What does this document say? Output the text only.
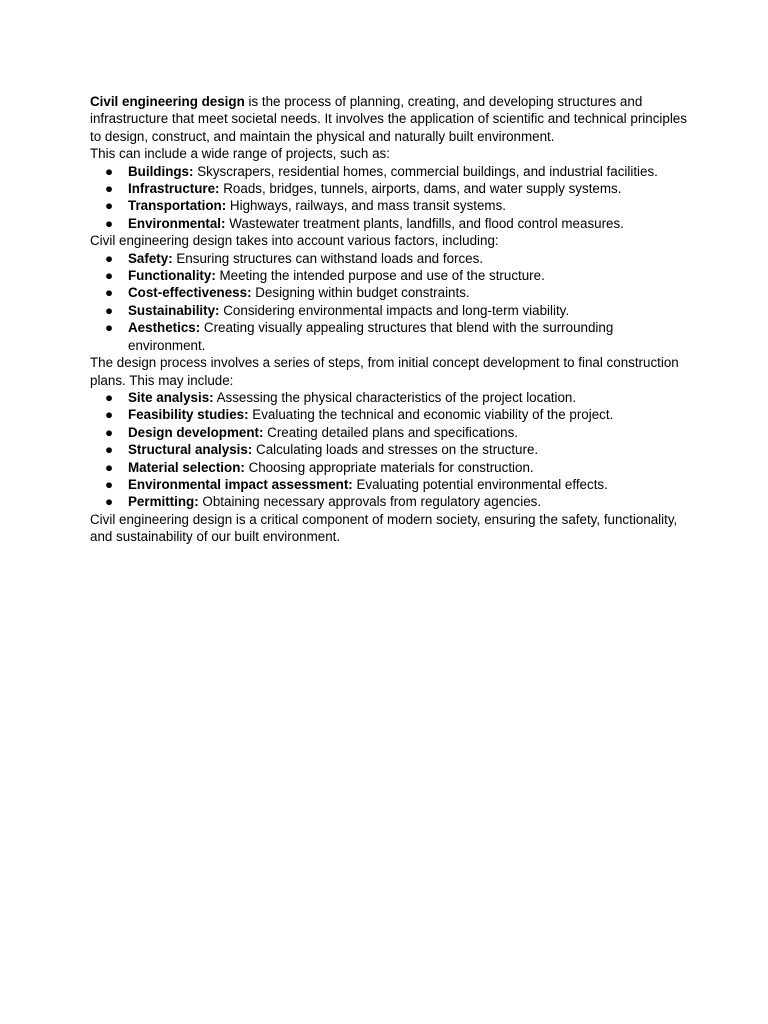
Civil engineering design is the process of planning, creating, and developing structures and infrastructure that meet societal needs. It involves the application of scientific and technical principles to design, construct, and maintain the physical and naturally built environment.

This can include a wide range of projects, such as:

●	Buildings: Skyscrapers, residential homes, commercial buildings, and industrial facilities.
●	Infrastructure: Roads, bridges, tunnels, airports, dams, and water supply systems.
●	Transportation: Highways, railways, and mass transit systems.
●	Environmental: Wastewater treatment plants, landfills, and flood control measures.

Civil engineering design takes into account various factors, including:

●	Safety: Ensuring structures can withstand loads and forces.
●	Functionality: Meeting the intended purpose and use of the structure.
●	Cost-effectiveness: Designing within budget constraints.
●	Sustainability: Considering environmental impacts and long-term viability.
●	Aesthetics: Creating visually appealing structures that blend with the surrounding environment.

The design process involves a series of steps, from initial concept development to final construction plans. This may include:

●	Site analysis: Assessing the physical characteristics of the project location.
●	Feasibility studies: Evaluating the technical and economic viability of the project.
●	Design development: Creating detailed plans and specifications.
●	Structural analysis: Calculating loads and stresses on the structure.
●	Material selection: Choosing appropriate materials for construction.
●	Environmental impact assessment: Evaluating potential environmental effects.
●	Permitting: Obtaining necessary approvals from regulatory agencies.

Civil engineering design is a critical component of modern society, ensuring the safety, functionality, and sustainability of our built environment.
